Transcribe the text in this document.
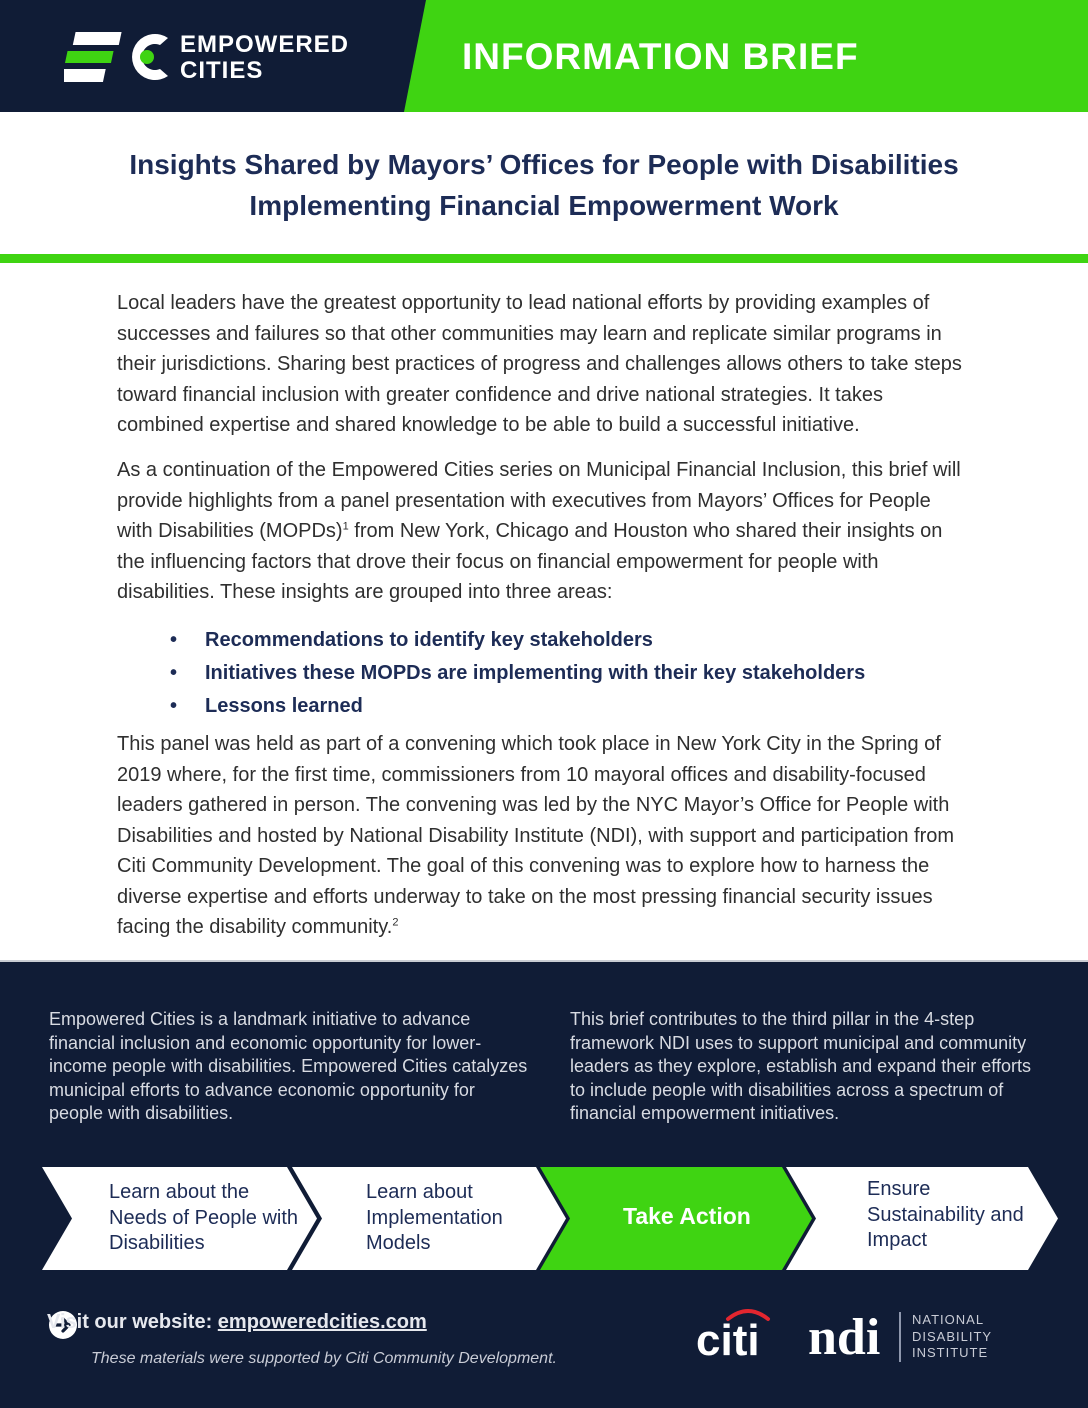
EMPOWERED
CITIES	INFORMATION BRIEF
Insights Shared by Mayors’ Offices for People with Disabilities
Implementing Financial Empowerment Work
Local leaders have the greatest opportunity to lead national efforts by providing examples of successes and failures so that other communities may learn and replicate similar programs in their jurisdictions. Sharing best practices of progress and challenges allows others to take steps toward financial inclusion with greater confidence and drive national strategies. It takes combined expertise and shared knowledge to be able to build a successful initiative.
As a continuation of the Empowered Cities series on Municipal Financial Inclusion, this brief will provide highlights from a panel presentation with executives from Mayors’ Offices for People with Disabilities (MOPDs)$^1$ from New York, Chicago and Houston who shared their insights on the influencing factors that drove their focus on financial empowerment for people with disabilities. These insights are grouped into three areas:
• Recommendations to identify key stakeholders
• Initiatives these MOPDs are implementing with their key stakeholders
• Lessons learned
This panel was held as part of a convening which took place in New York City in the Spring of 2019 where, for the first time, commissioners from 10 mayoral offices and disability-focused leaders gathered in person. The convening was led by the NYC Mayor’s Office for People with Disabilities and hosted by National Disability Institute (NDI), with support and participation from Citi Community Development. The goal of this convening was to explore how to harness the diverse expertise and efforts underway to take on the most pressing financial security issues facing the disability community.$^2$
Empowered Cities is a landmark initiative to advance financial inclusion and economic opportunity for lower-income people with disabilities. Empowered Cities catalyzes municipal efforts to advance economic opportunity for people with disabilities.
This brief contributes to the third pillar in the 4-step framework NDI uses to support municipal and community leaders as they explore, establish and expand their efforts to include people with disabilities across a spectrum of financial empowerment initiatives.
Learn about the Needs of People with Disabilities
Learn about Implementation Models
Take Action
Ensure Sustainability and Impact
Visit our website: empoweredcities.com
These materials were supported by Citi Community Development.	citi ndi NATIONAL
DISABILITY
INSTITUTE
